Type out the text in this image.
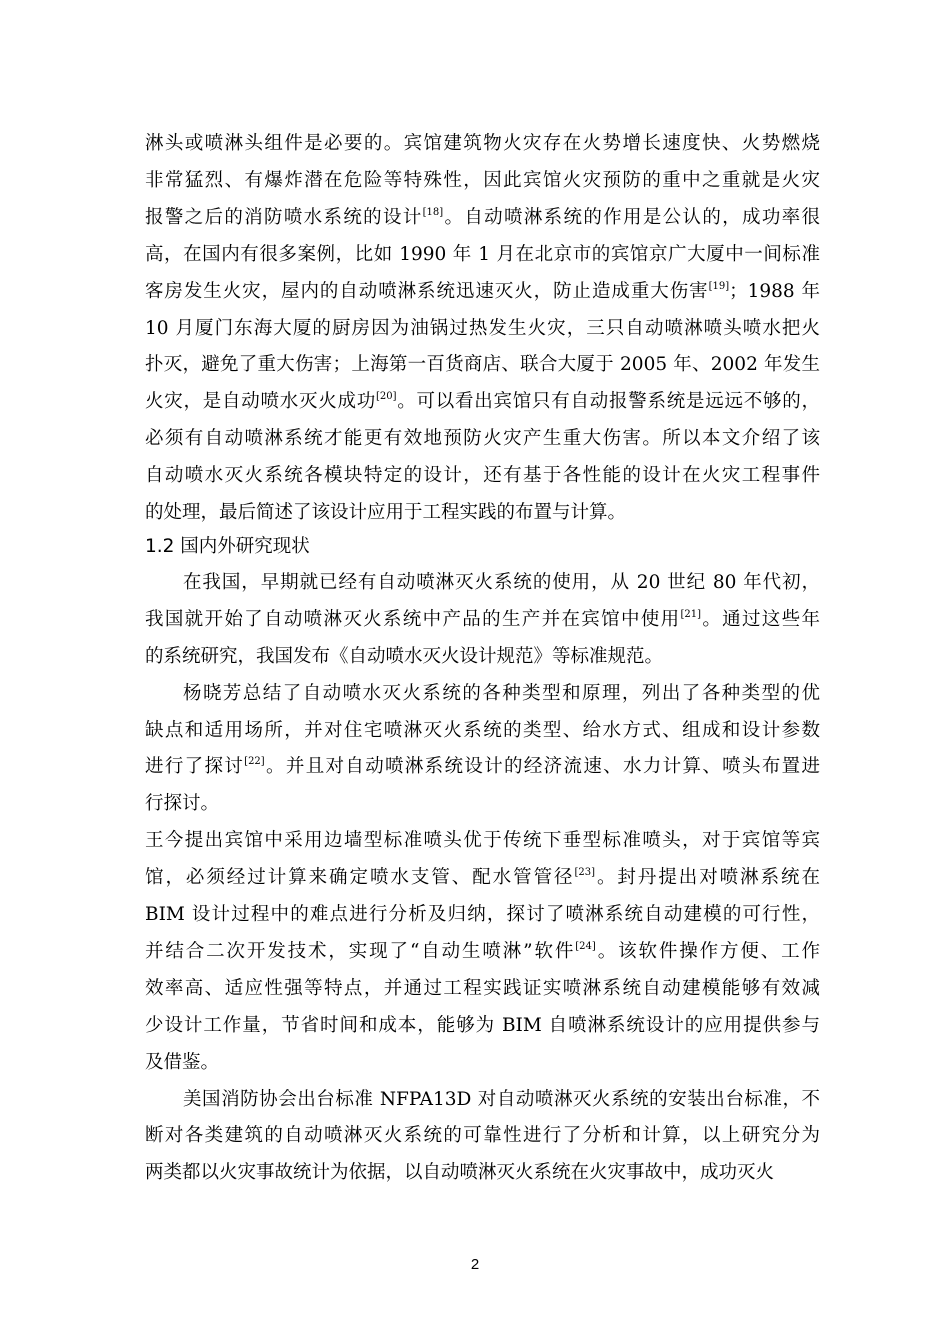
淋头或喷淋头组件是必要的。宾馆建筑物火灾存在火势增长速度快、火势燃烧
非常猛烈、有爆炸潜在危险等特殊性，因此宾馆火灾预防的重中之重就是火灾
报警之后的消防喷水系统的设计[18]。自动喷淋系统的作用是公认的，成功率很
高，在国内有很多案例，比如 1990 年 1 月在北京市的宾馆京广大厦中一间标准
客房发生火灾，屋内的自动喷淋系统迅速灭火，防止造成重大伤害[19]；1988 年
10 月厦门东海大厦的厨房因为油锅过热发生火灾，三只自动喷淋喷头喷水把火
扑灭，避免了重大伤害；上海第一百货商店、联合大厦于 2005 年、2002 年发生
火灾，是自动喷水灭火成功[20]。可以看出宾馆只有自动报警系统是远远不够的，
必须有自动喷淋系统才能更有效地预防火灾产生重大伤害。所以本文介绍了该
自动喷水灭火系统各模块特定的设计，还有基于各性能的设计在火灾工程事件
的处理，最后简述了该设计应用于工程实践的布置与计算。
1.2 国内外研究现状
在我国，早期就已经有自动喷淋灭火系统的使用，从 20 世纪 80 年代初，
我国就开始了自动喷淋灭火系统中产品的生产并在宾馆中使用[21]。通过这些年
的系统研究，我国发布《自动喷水灭火设计规范》等标准规范。
杨晓芳总结了自动喷水灭火系统的各种类型和原理，列出了各种类型的优
缺点和适用场所，并对住宅喷淋灭火系统的类型、给水方式、组成和设计参数
进行了探讨[22]。并且对自动喷淋系统设计的经济流速、水力计算、喷头布置进
行探讨。
王今提出宾馆中采用边墙型标准喷头优于传统下垂型标准喷头，对于宾馆等宾
馆，必须经过计算来确定喷水支管、配水管管径[23]。封丹提出对喷淋系统在
BIM 设计过程中的难点进行分析及归纳，探讨了喷淋系统自动建模的可行性，
并结合二次开发技术，实现了“自动生喷淋”软件[24]。该软件操作方便、工作
效率高、适应性强等特点，并通过工程实践证实喷淋系统自动建模能够有效减
少设计工作量，节省时间和成本，能够为 BIM 自喷淋系统设计的应用提供参与
及借鉴。
美国消防协会出台标准 NFPA13D 对自动喷淋灭火系统的安装出台标准，不
断对各类建筑的自动喷淋灭火系统的可靠性进行了分析和计算，以上研究分为
两类都以火灾事故统计为依据，以自动喷淋灭火系统在火灾事故中，成功灭火
2
